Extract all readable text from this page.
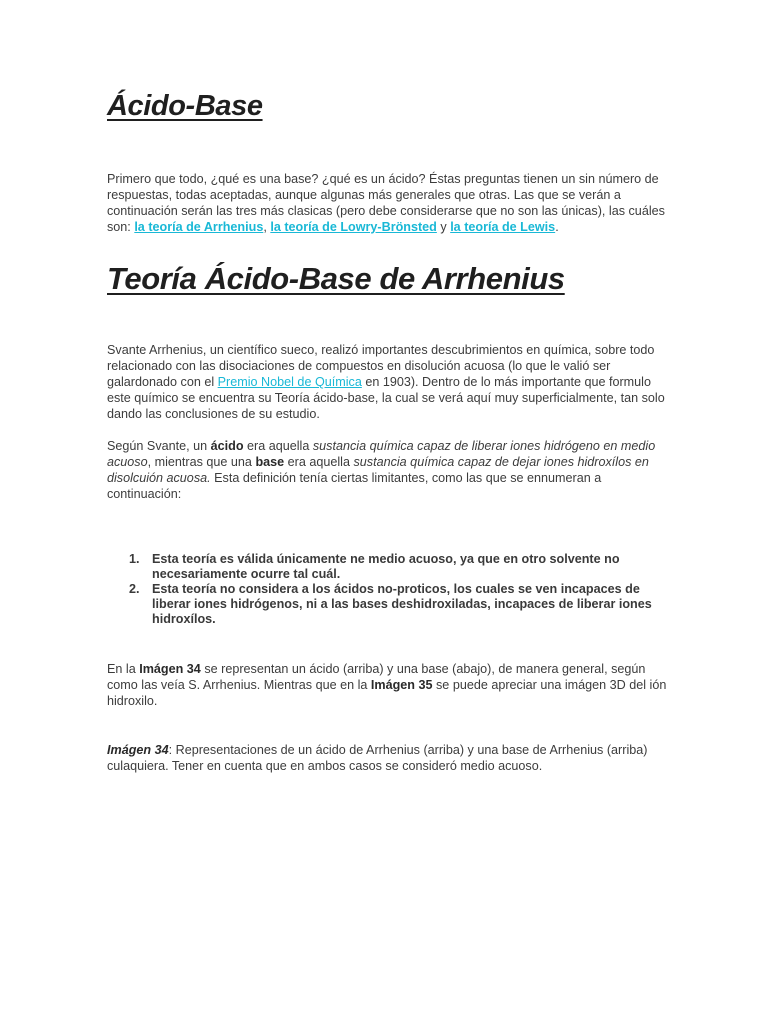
Ácido-Base

Primero que todo, ¿qué es una base? ¿qué es un ácido? Éstas preguntas tienen un sin número de respuestas, todas aceptadas, aunque algunas más generales que otras. Las que se verán a continuación serán las tres más clasicas (pero debe considerarse que no son las únicas), las cuáles son: la teoría de Arrhenius, la teoría de Lowry-Brönsted y la teoría de Lewis.

Teoría Ácido-Base de Arrhenius

Svante Arrhenius, un científico sueco, realizó importantes descubrimientos en química, sobre todo relacionado con las disociaciones de compuestos en disolución acuosa (lo que le valió ser galardonado con el Premio Nobel de Química en 1903). Dentro de lo más importante que formulo este químico se encuentra su Teoría ácido-base, la cual se verá aquí muy superficialmente, tan solo dando las conclusiones de su estudio.

Según Svante, un ácido era aquella sustancia química capaz de liberar iones hidrógeno en medio acuoso, mientras que una base era aquella sustancia química capaz de dejar iones hidroxílos en disolcuión acuosa. Esta definición tenía ciertas limitantes, como las que se ennumeran a continuación:

1. Esta teoría es válida únicamente ne medio acuoso, ya que en otro solvente no necesariamente ocurre tal cuál.
2. Esta teoría no considera a los ácidos no-proticos, los cuales se ven incapaces de liberar iones hidrógenos, ni a las bases deshidroxiladas, incapaces de liberar iones hidroxílos.

En la Imágen 34 se representan un ácido (arriba) y una base (abajo), de manera general, según como las veía S. Arrhenius. Mientras que en la Imágen 35 se puede apreciar una imágen 3D del ión hidroxilo.

Imágen 34: Representaciones de un ácido de Arrhenius (arriba) y una base de Arrhenius (arriba) culaquiera. Tener en cuenta que en ambos casos se consideró medio acuoso.
